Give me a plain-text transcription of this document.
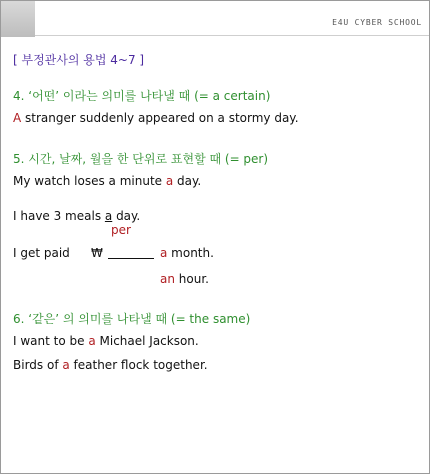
E4U CYBER SCHOOL
[ 부정관사의 용법 4~7 ]
4. ‘어떤’ 이라는 의미를 나타낼 때 (= a certain)
A stranger suddenly appeared on a stormy day.
5. 시간, 날짜, 월을 한 단위로 표현할 때 (= per)
My watch loses a minute a day.
I have 3 meals a day.
per
I get paid ₩	a month.
an hour.
6. ‘같은’ 의 의미를 나타낼 때 (= the same)
I want to be a Michael Jackson.
Birds of a feather flock together.
